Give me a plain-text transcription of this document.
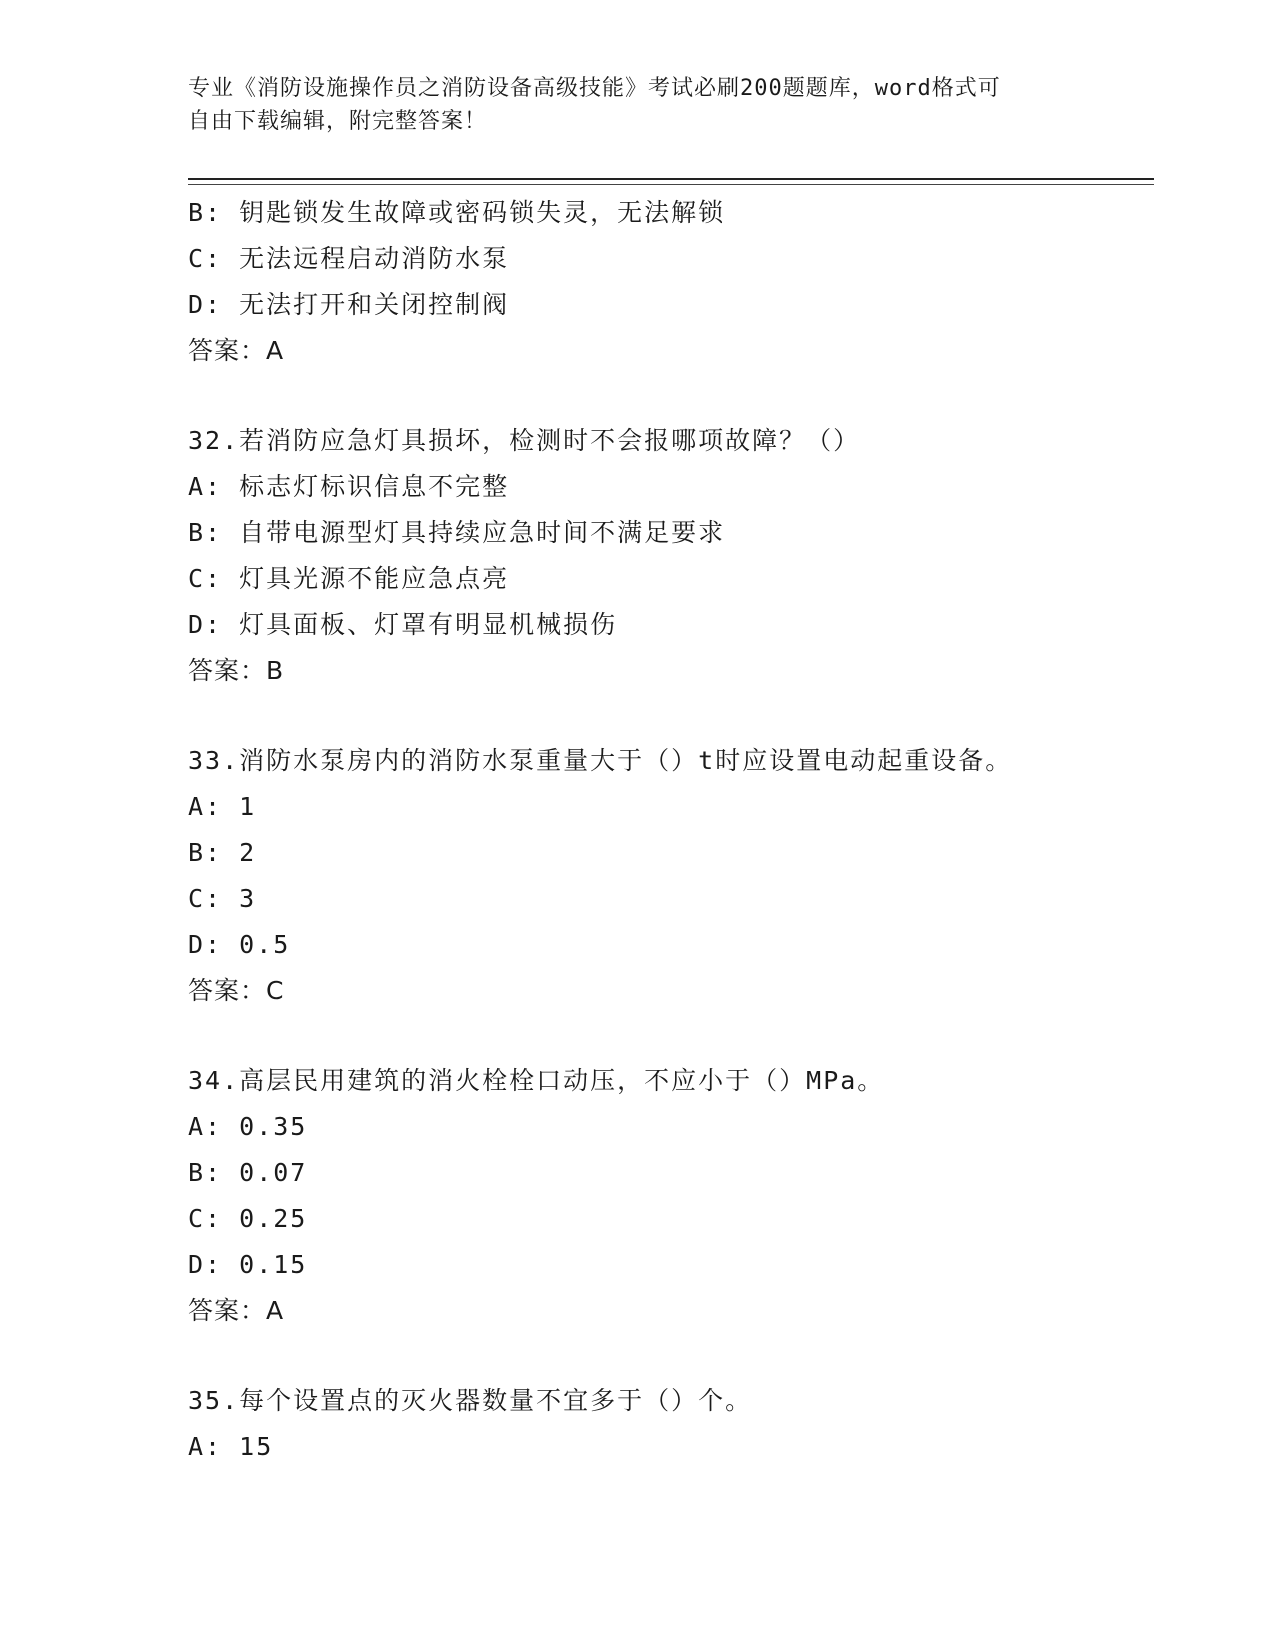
专业《消防设施操作员之消防设备高级技能》考试必刷200题题库，word格式可
自由下载编辑，附完整答案！
B: 钥匙锁发生故障或密码锁失灵，无法解锁
C: 无法远程启动消防水泵
D: 无法打开和关闭控制阀
答案：A
32.若消防应急灯具损坏，检测时不会报哪项故障？（）
A: 标志灯标识信息不完整
B: 自带电源型灯具持续应急时间不满足要求
C: 灯具光源不能应急点亮
D: 灯具面板、灯罩有明显机械损伤
答案：B
33.消防水泵房内的消防水泵重量大于（）t时应设置电动起重设备。
A: 1
B: 2
C: 3
D: 0.5
答案：C
34.高层民用建筑的消火栓栓口动压，不应小于（）MPa。
A: 0.35
B: 0.07
C: 0.25
D: 0.15
答案：A
35.每个设置点的灭火器数量不宜多于（）个。
A: 15
